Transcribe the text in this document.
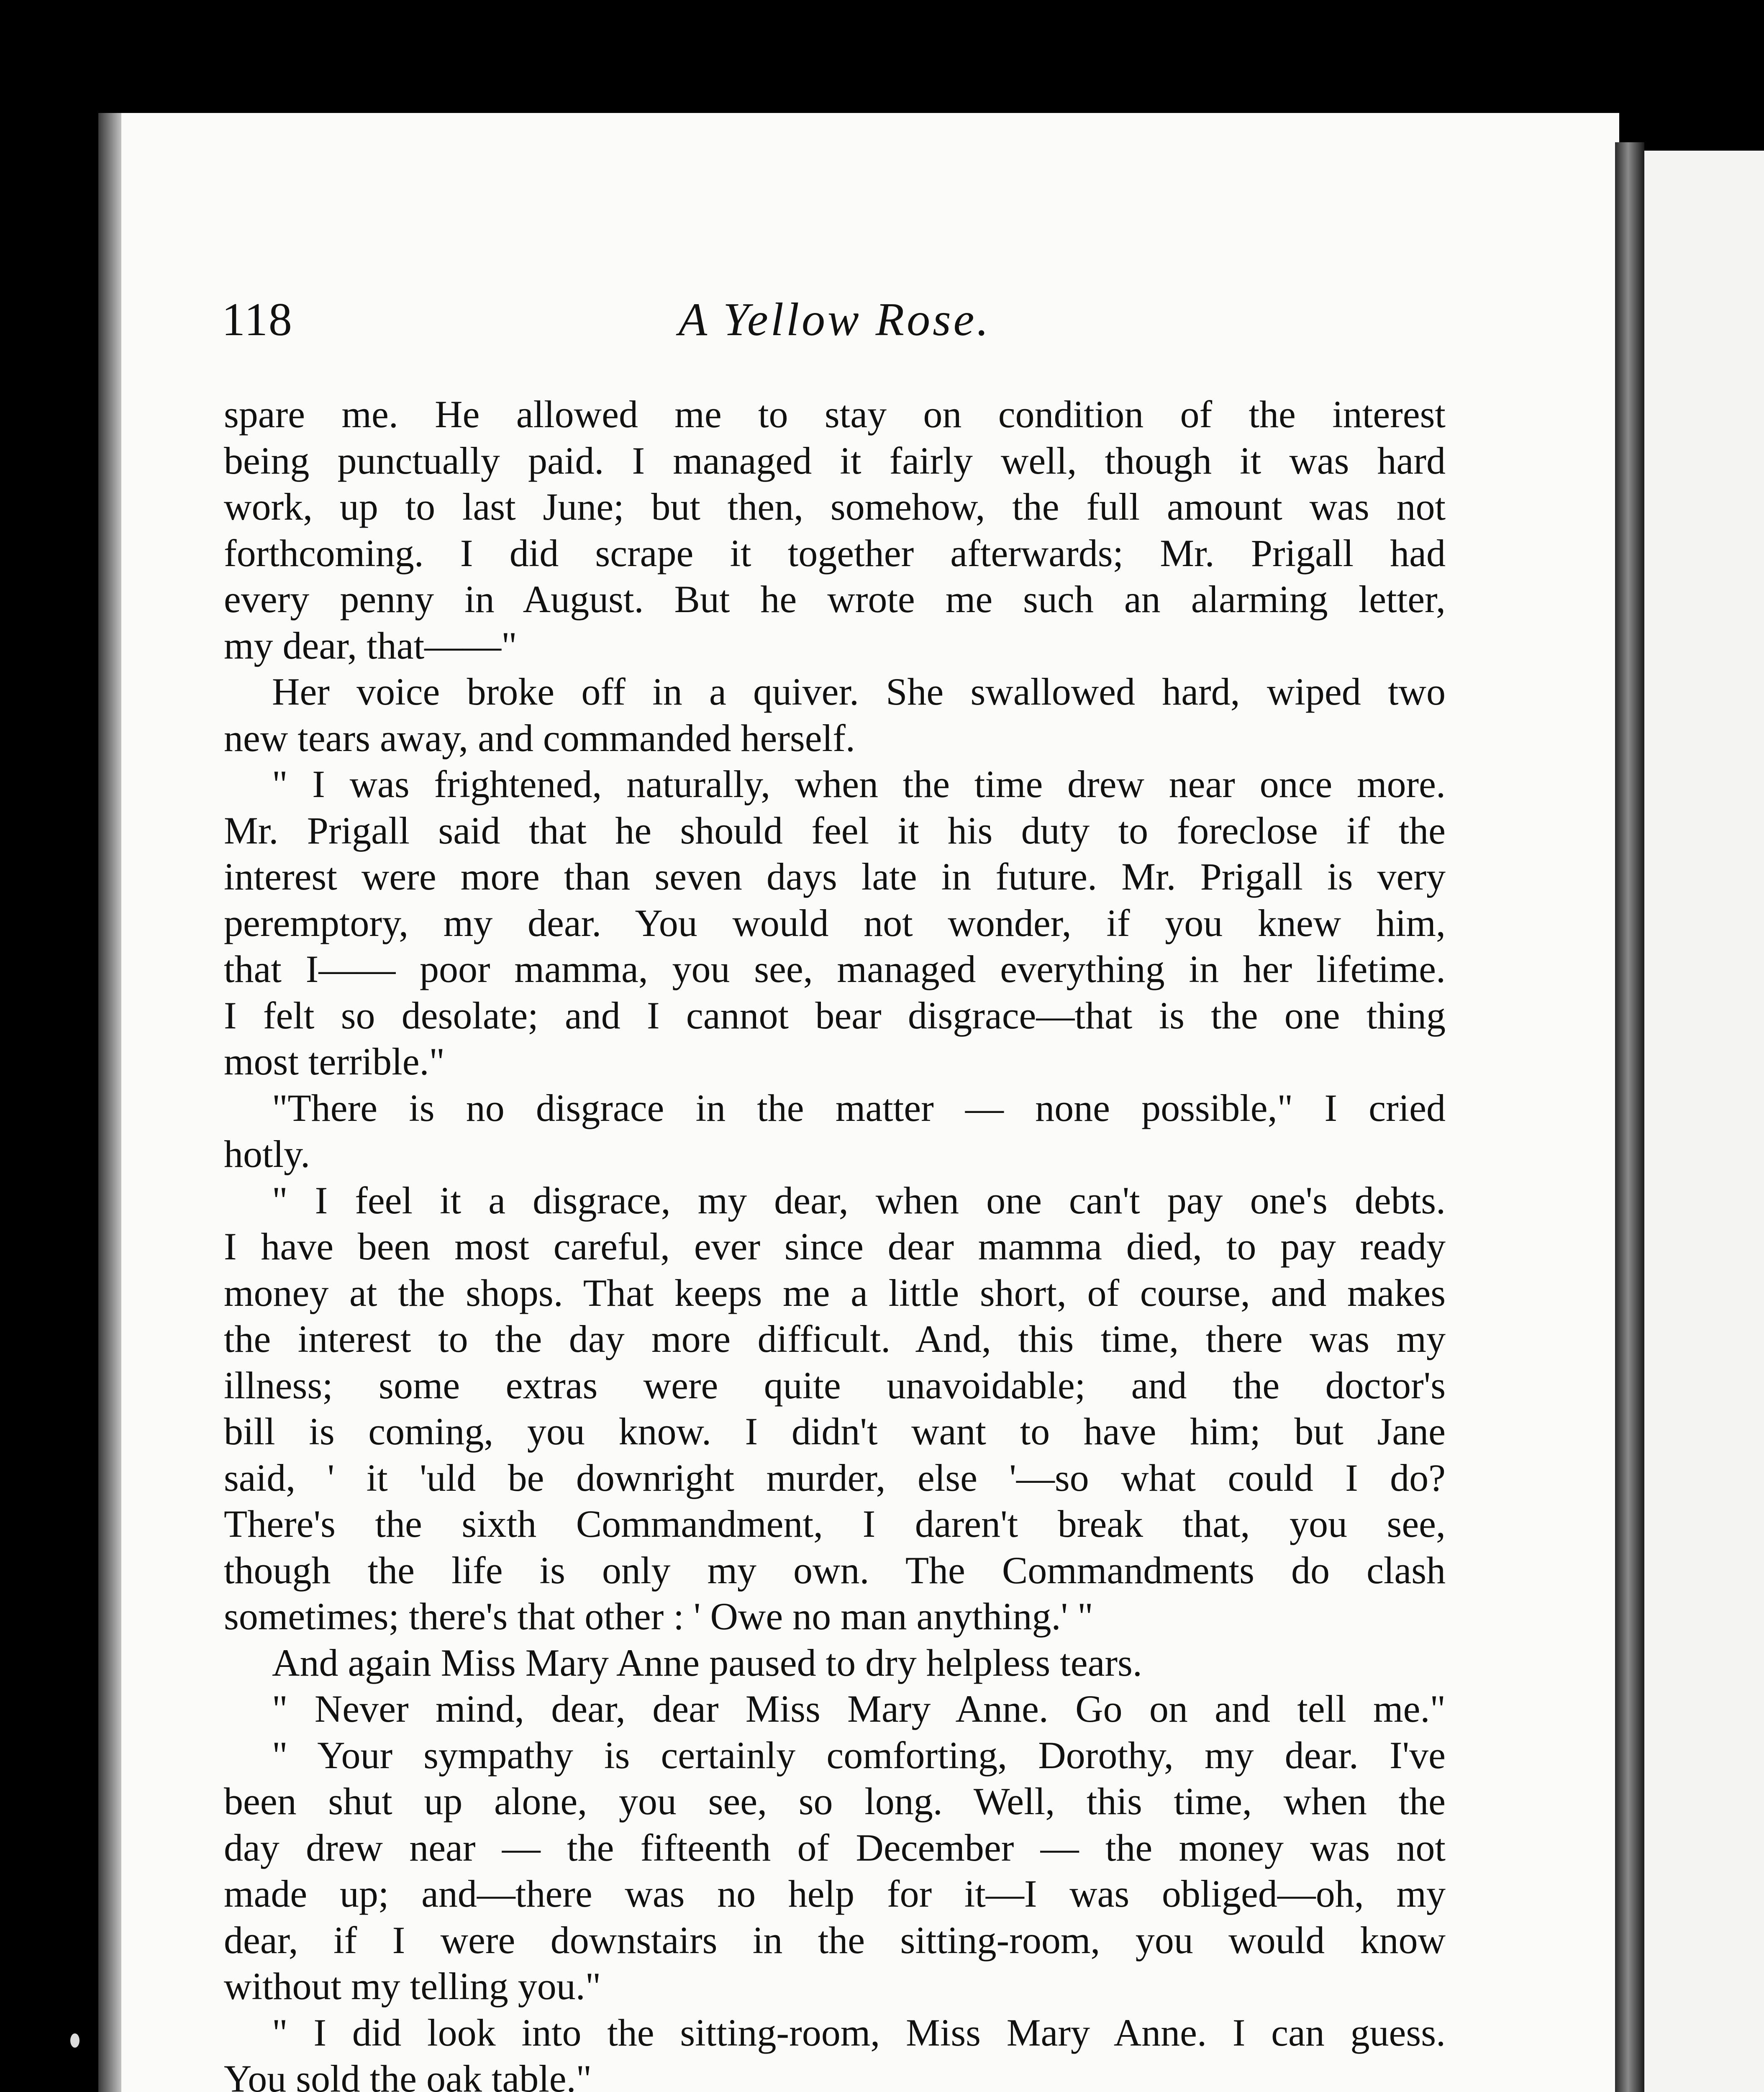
118	A Yellow Rose.
spare me. He allowed me to stay on condition of the interest
being punctually paid. I managed it fairly well, though it was hard
work, up to last June; but then, somehow, the full amount was not
forthcoming. I did scrape it together afterwards; Mr. Prigall had
every penny in August. But he wrote me such an alarming letter,
my dear, that——"
Her voice broke off in a quiver. She swallowed hard, wiped two
new tears away, and commanded herself.
" I was frightened, naturally, when the time drew near once more.
Mr. Prigall said that he should feel it his duty to foreclose if the
interest were more than seven days late in future. Mr. Prigall is very
peremptory, my dear. You would not wonder, if you knew him,
that I—— poor mamma, you see, managed everything in her lifetime.
I felt so desolate; and I cannot bear disgrace—that is the one thing
most terrible."
"There is no disgrace in the matter — none possible," I cried
hotly.
" I feel it a disgrace, my dear, when one can't pay one's debts.
I have been most careful, ever since dear mamma died, to pay ready
money at the shops. That keeps me a little short, of course, and makes
the interest to the day more difficult. And, this time, there was my
illness; some extras were quite unavoidable; and the doctor's
bill is coming, you know. I didn't want to have him; but Jane
said, ' it 'uld be downright murder, else '—so what could I do?
There's the sixth Commandment, I daren't break that, you see,
though the life is only my own. The Commandments do clash
sometimes; there's that other : ' Owe no man anything.' "
And again Miss Mary Anne paused to dry helpless tears.
" Never mind, dear, dear Miss Mary Anne. Go on and tell me."
" Your sympathy is certainly comforting, Dorothy, my dear. I've
been shut up alone, you see, so long. Well, this time, when the
day drew near — the fifteenth of December — the money was not
made up; and—there was no help for it—I was obliged—oh, my
dear, if I were downstairs in the sitting-room, you would know
without my telling you."
" I did look into the sitting-room, Miss Mary Anne. I can guess.
You sold the oak table."
